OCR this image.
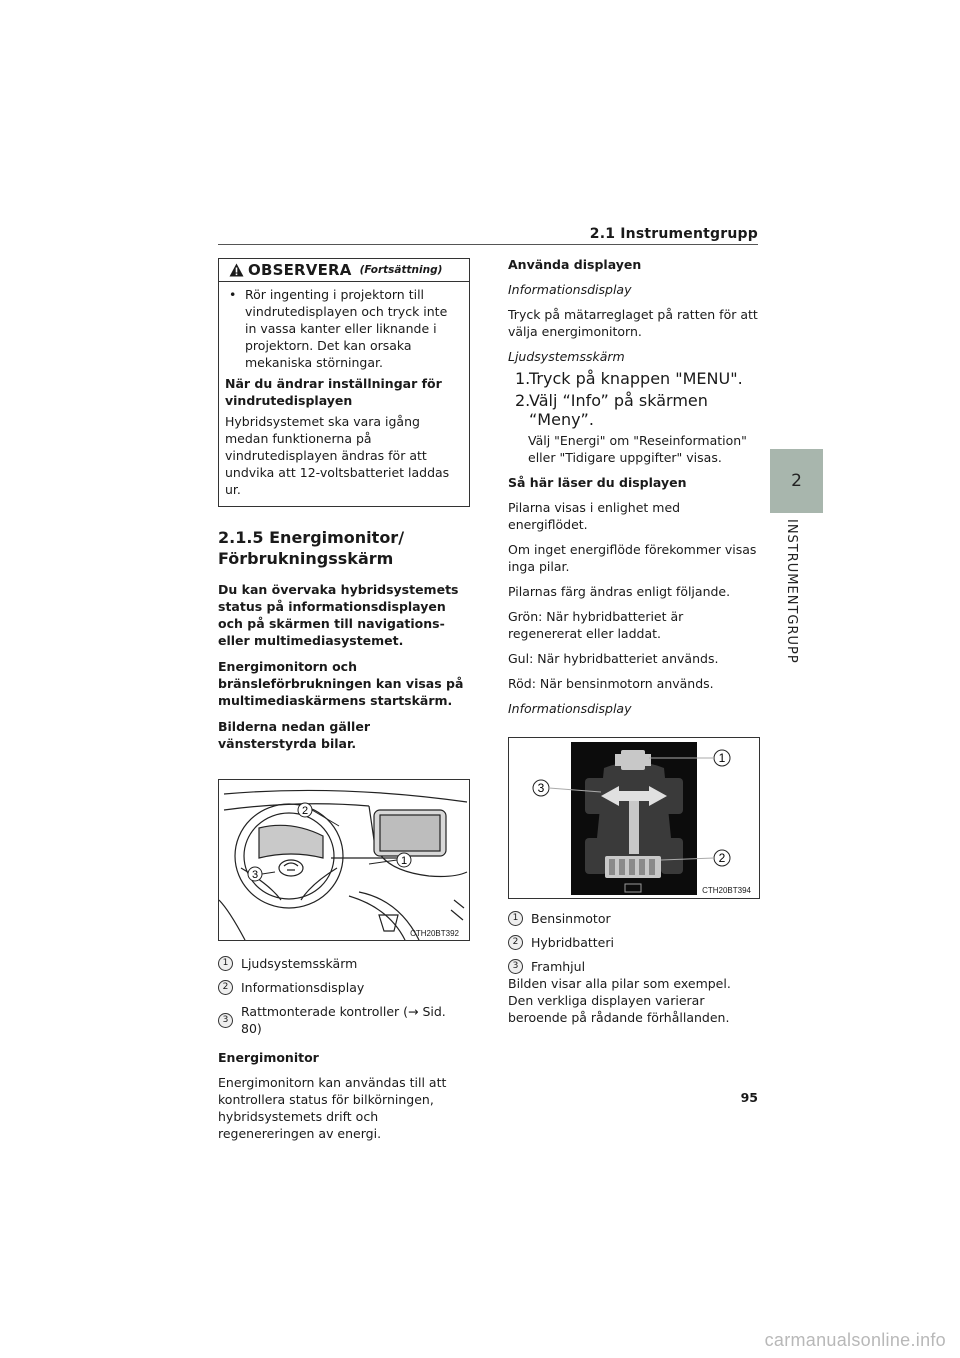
2.1 Instrumentgrupp
2
INSTRUMENTGRUPP
OBSERVERA (Fortsättning)
• Rör ingenting i projektorn till vindrutedisplayen och tryck inte in vassa kanter eller liknande i projektorn. Det kan orsaka mekaniska störningar.

När du ändrar inställningar för vindrutedisplayen

Hybridsystemet ska vara igång medan funktionerna på vindrutedisplayen ändras för att undvika att 12-voltsbatteriet laddas ur.

2.1.5 Energimonitor/ Förbrukningsskärm

Du kan övervaka hybridsystemets status på informationsdisplayen och på skärmen till navigations- eller multimediasystemet.

Energimonitorn och bränsleförbrukningen kan visas på multimediaskärmens startskärm.

Bilderna nedan gäller vänsterstyrda bilar.

2
1
3
CTH20BT392
1	Ljudsystemsskärm
2	Informationsdisplay
3
Rattmonterade kontroller (→ Sid. 80)

Energimonitor

Energimonitorn kan användas till att kontrollera status för bilkörningen, hybridsystemets drift och regenereringen av energi.

Använda displayen

Informationsdisplay

Tryck på mätarreglaget på ratten för att välja energimonitorn.

Ljudsystemsskärm

1.
Tryck på knappen "MENU".
2.
Välj “Info” på skärmen “Meny”.

Välj "Energi" om "Reseinformation" eller "Tidigare uppgifter" visas.

Så här läser du displayen

Pilarna visas i enlighet med energiflödet.

Om inget energiflöde förekommer visas inga pilar.

Pilarnas färg ändras enligt följande.

Grön: När hybridbatteriet är regenererat eller laddat.

Gul: När hybridbatteriet används.

Röd: När bensinmotorn används.

Informationsdisplay

1
2
3
CTH20BT394
1	Bensinmotor
2	Hybridbatteri
3	Framhjul

Bilden visar alla pilar som exempel.

Den verkliga displayen varierar beroende på rådande förhållanden.

95
carmanualsonline.info
